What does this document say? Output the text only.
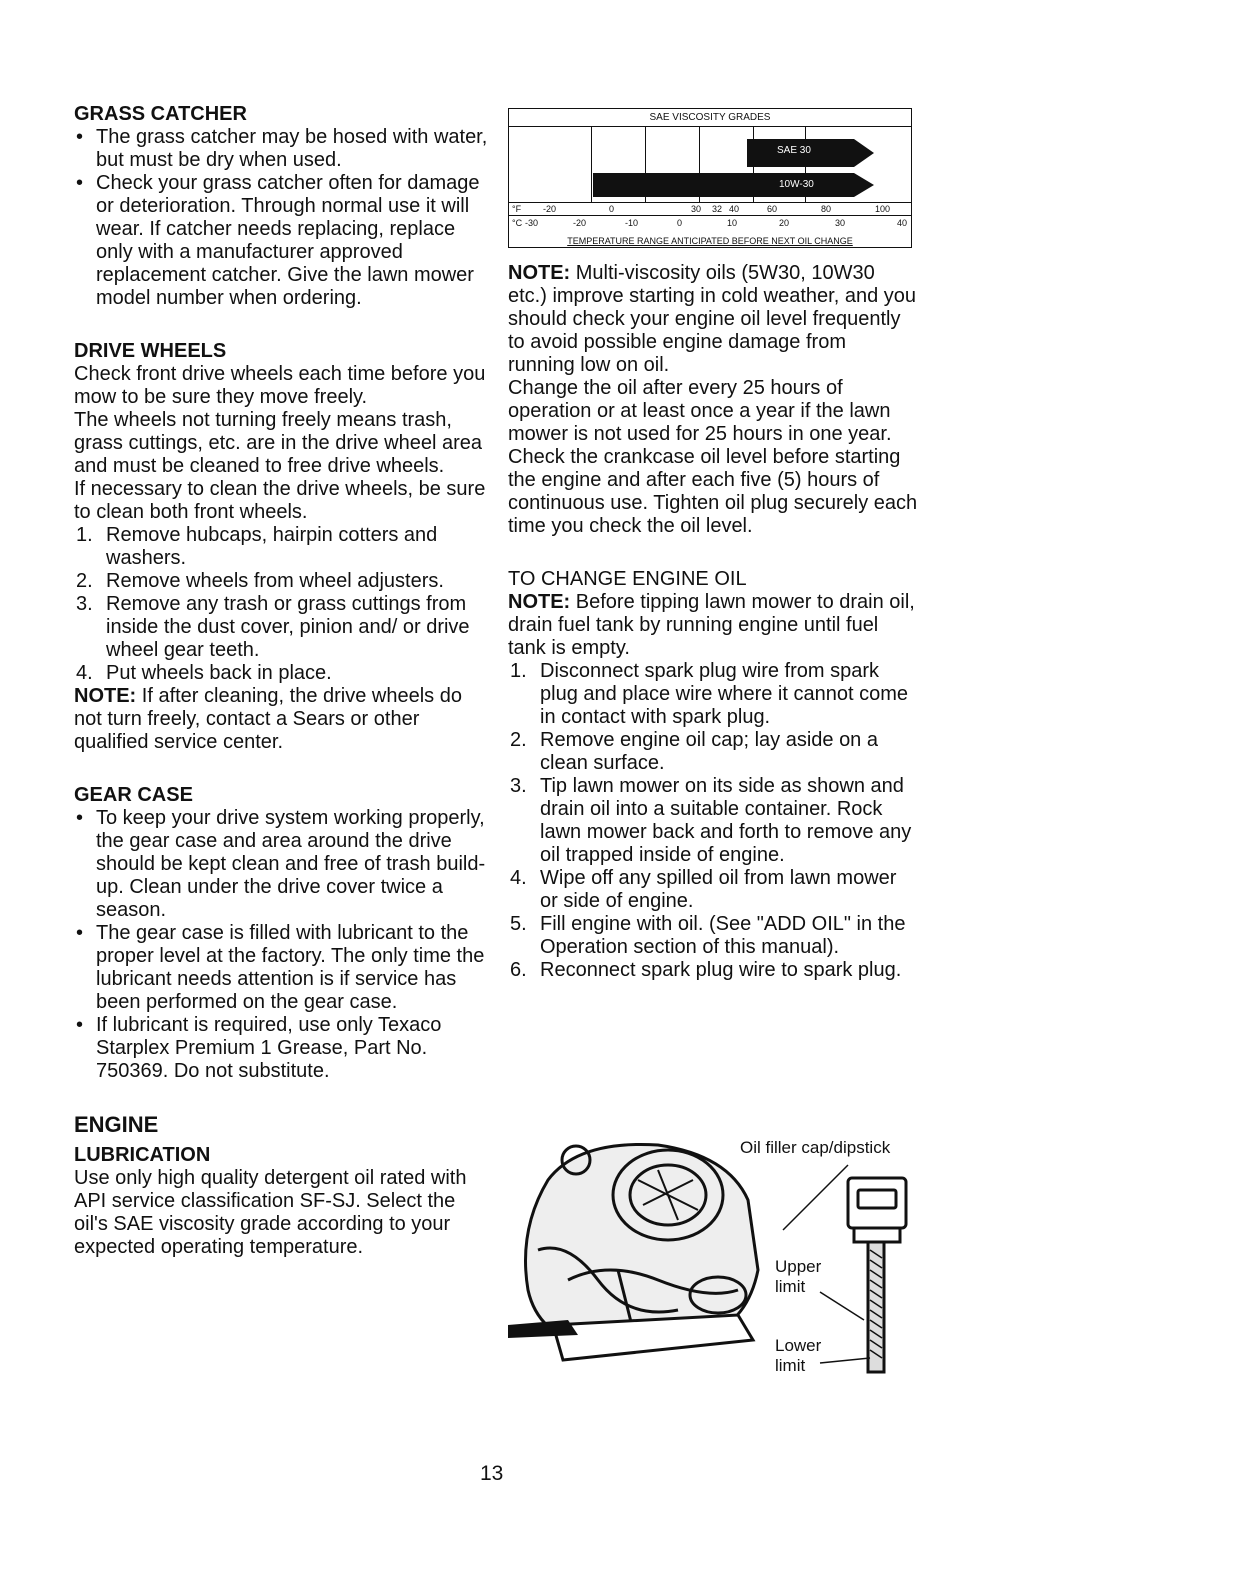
GRASS CATCHER

• The grass catcher may be hosed with water, but must be dry when used.
• Check your grass catcher often for damage or deterioration. Through normal use it will wear. If catcher needs replacing, replace only with a manufacturer approved replacement catcher. Give the lawn mower model number when ordering.

DRIVE WHEELS

Check front drive wheels each time before you mow to be sure they move freely.

The wheels not turning freely means trash, grass cuttings, etc. are in the drive wheel area and must be cleaned to free drive wheels.

If necessary to clean the drive wheels, be sure to clean both front wheels.

1. Remove hubcaps, hairpin cotters and washers.
2. Remove wheels from wheel adjusters.
3. Remove any trash or grass cuttings from inside the dust cover, pinion and/ or drive wheel gear teeth.
4. Put wheels back in place.

NOTE: If after cleaning, the drive wheels do not turn freely, contact a Sears or other qualified service center.

GEAR CASE

• To keep your drive system working properly, the gear case and area around the drive should be kept clean and free of trash build-up. Clean under the drive cover twice a season.
• The gear case is filled with lubricant to the proper level at the factory. The only time the lubricant needs attention is if service has been performed on the gear case.
• If lubricant is required, use only Texaco Starplex Premium 1 Grease, Part No. 750369. Do not substitute.

ENGINE

LUBRICATION

Use only high quality detergent oil rated with API service classification SF-SJ. Select the oil's SAE viscosity grade according to your expected operating temperature.

SAE VISCOSITY GRADES
SAE 30
10W-30
°F -20	0	30 32 40	60	80	100
°C -30	-20	-10	0	10	20	30	40
TEMPERATURE RANGE ANTICIPATED BEFORE NEXT OIL CHANGE

NOTE: Multi-viscosity oils (5W30, 10W30 etc.) improve starting in cold weather, and you should check your engine oil level frequently to avoid possible engine damage from running low on oil.

Change the oil after every 25 hours of operation or at least once a year if the lawn mower is not used for 25 hours in one year.

Check the crankcase oil level before starting the engine and after each five (5) hours of continuous use. Tighten oil plug securely each time you check the oil level.

TO CHANGE ENGINE OIL

NOTE: Before tipping lawn mower to drain oil, drain fuel tank by running engine until fuel tank is empty.

1. Disconnect spark plug wire from spark plug and place wire where it cannot come in contact with spark plug.
2. Remove engine oil cap; lay aside on a clean surface.
3. Tip lawn mower on its side as shown and drain oil into a suitable container. Rock lawn mower back and forth to remove any oil trapped inside of engine.
4. Wipe off any spilled oil from lawn mower or side of engine.
5. Fill engine with oil. (See "ADD OIL" in the Operation section of this manual).
6. Reconnect spark plug wire to spark plug.
Oil filler cap/dipstick
Upper limit
Lower limit
13
